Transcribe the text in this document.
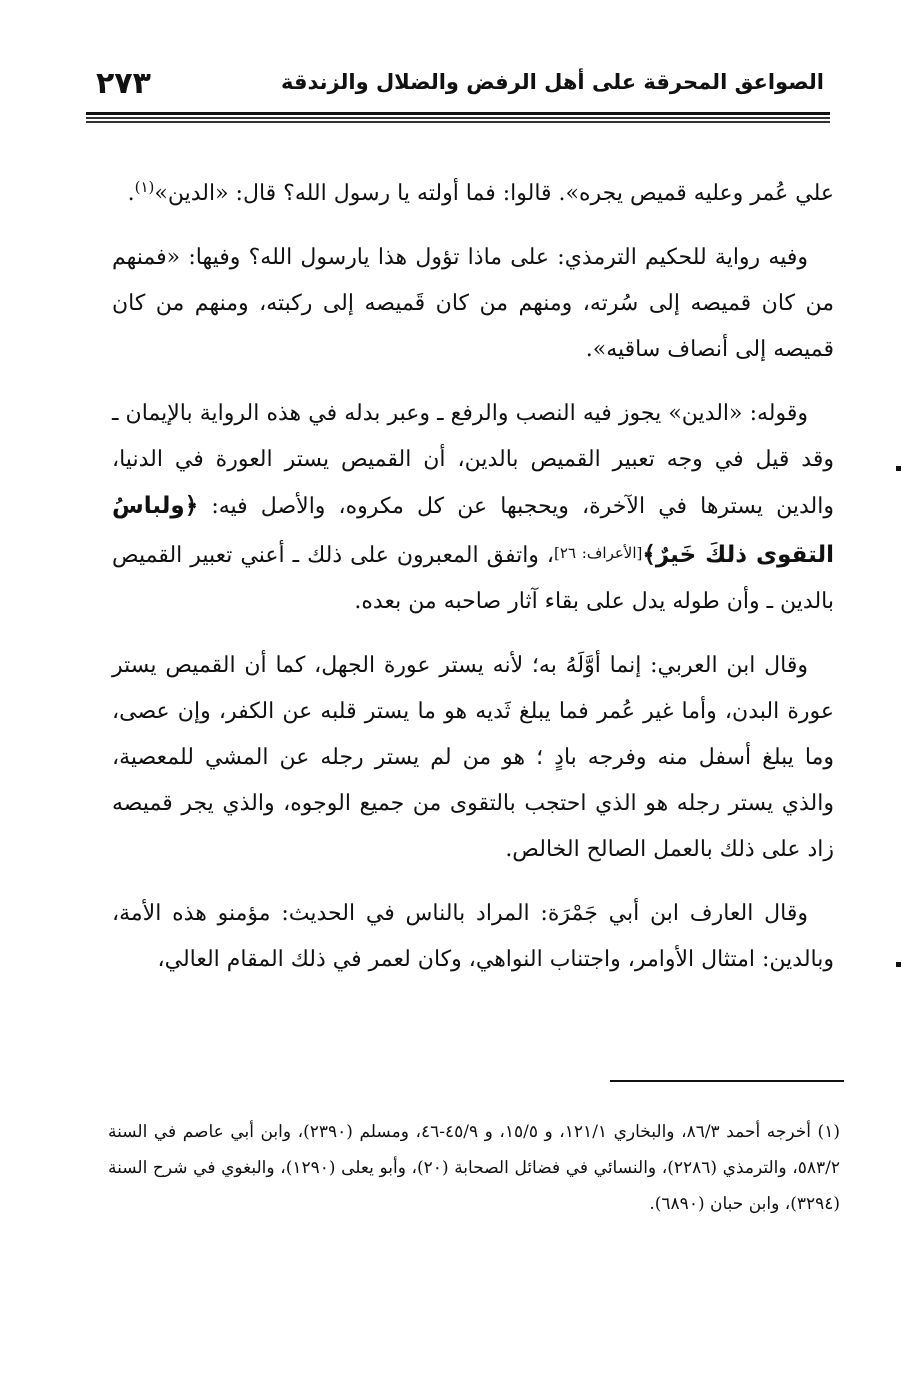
الصواعق المحرقة على أهل الرفض والضلال والزندقة
٢٧٣

علي عُمر وعليه قميص يجره». قالوا: فما أولته يا رسول الله؟ قال: «الدين»$^{(١)}$.

وفيه رواية للحكيم الترمذي: على ماذا تؤول هذا يارسول الله؟ وفيها: «فمنهم من كان قميصه إلى سُرته، ومنهم من كان قَميصه إلى ركبته، ومنهم من كان قميصه إلى أنصاف ساقيه».

وقوله: «الدين» يجوز فيه النصب والرفع ـ وعبر بدله في هذه الرواية بالإيمان ـ وقد قيل في وجه تعبير القميص بالدين، أن القميص يستر العورة في الدنيا، والدين يسترها في الآخرة، ويحجبها عن كل مكروه، والأصل فيه: ﴿ولباسُ التقوى ذلكَ خَيرٌ﴾[الأعراف: ٢٦]، واتفق المعبرون على ذلك ـ أعني تعبير القميص بالدين ـ وأن طوله يدل على بقاء آثار صاحبه من بعده.

وقال ابن العربي: إنما أوَّلَهُ به؛ لأنه يستر عورة الجهل، كما أن القميص يستر عورة البدن، وأما غير عُمر فما يبلغ ثَديه هو ما يستر قلبه عن الكفر، وإن عصى، وما يبلغ أسفل منه وفرجه بادٍ ؛ هو من لم يستر رجله عن المشي للمعصية، والذي يستر رجله هو الذي احتجب بالتقوى من جميع الوجوه، والذي يجر قميصه زاد على ذلك بالعمل الصالح الخالص.

وقال العارف ابن أبي جَمْرَة: المراد بالناس في الحديث: مؤمنو هذه الأمة، وبالدين: امتثال الأوامر، واجتناب النواهي، وكان لعمر في ذلك المقام العالي،

(١) أخرجه أحمد ٨٦/٣، والبخاري ١٢١/١، و ١٥/٥، و ٤٥/٩-٤٦، ومسلم (٢٣٩٠)، وابن أبي عاصم في السنة ٥٨٣/٢، والترمذي (٢٢٨٦)، والنسائي في فضائل الصحابة (٢٠)، وأبو يعلى (١٢٩٠)، والبغوي في شرح السنة (٣٢٩٤)، وابن حبان (٦٨٩٠).
